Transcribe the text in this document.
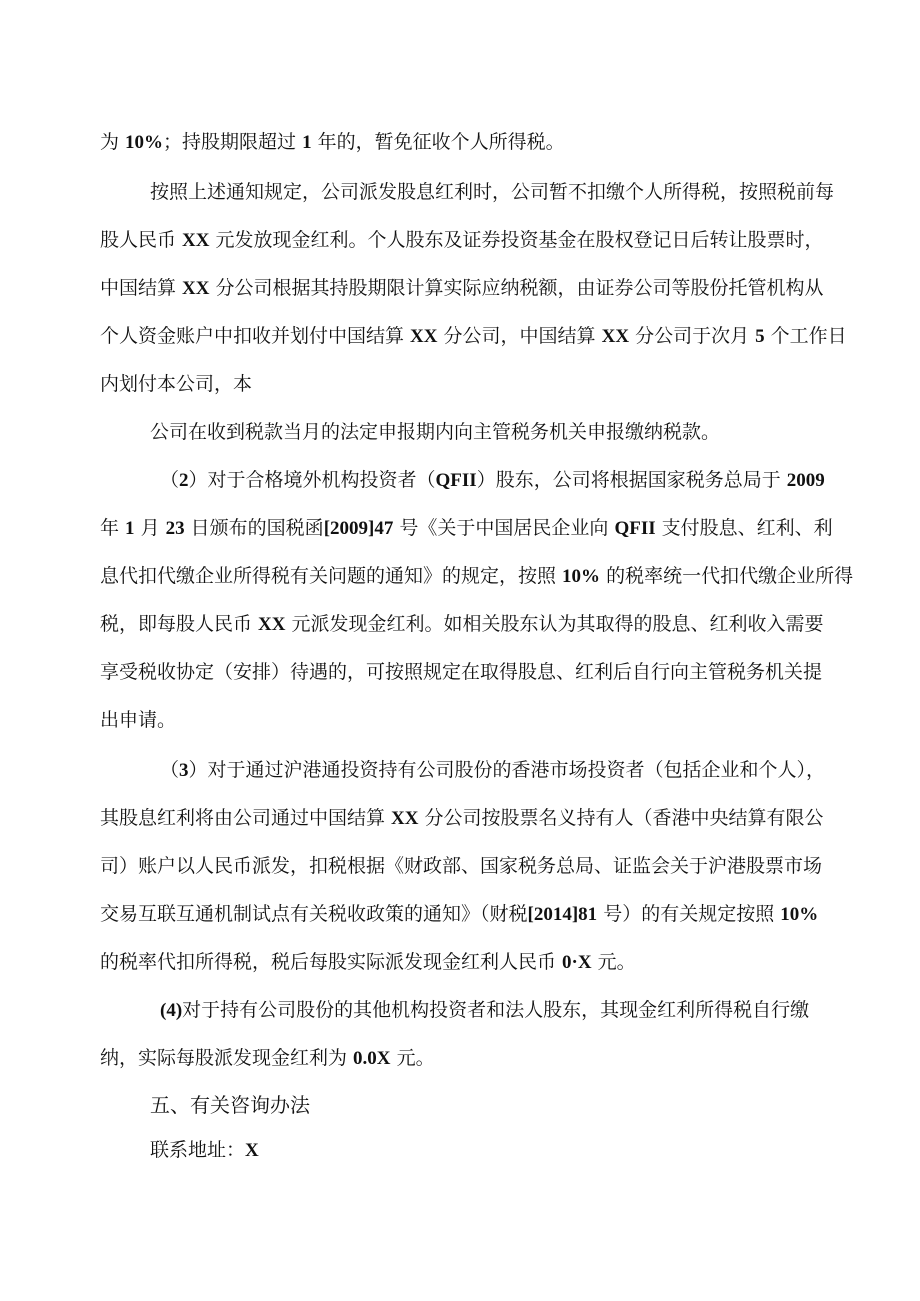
为 10%；持股期限超过 1 年的，暂免征收个人所得税。
按照上述通知规定，公司派发股息红利时，公司暂不扣缴个人所得税，按照税前每
股人民币 XX 元发放现金红利。个人股东及证券投资基金在股权登记日后转让股票时，
中国结算 XX 分公司根据其持股期限计算实际应纳税额，由证券公司等股份托管机构从
个人资金账户中扣收并划付中国结算 XX 分公司，中国结算 XX 分公司于次月 5 个工作日
内划付本公司，本
公司在收到税款当月的法定申报期内向主管税务机关申报缴纳税款。
（2）对于合格境外机构投资者（QFII）股东，公司将根据国家税务总局于 2009
年 1 月 23 日颁布的国税函[2009]47 号《关于中国居民企业向 QFII 支付股息、红利、利
息代扣代缴企业所得税有关问题的通知》的规定，按照 10% 的税率统一代扣代缴企业所得
税，即每股人民币 XX 元派发现金红利。如相关股东认为其取得的股息、红利收入需要
享受税收协定（安排）待遇的，可按照规定在取得股息、红利后自行向主管税务机关提
出申请。
（3）对于通过沪港通投资持有公司股份的香港市场投资者（包括企业和个人），
其股息红利将由公司通过中国结算 XX 分公司按股票名义持有人（香港中央结算有限公
司）账户以人民币派发，扣税根据《财政部、国家税务总局、证监会关于沪港股票市场
交易互联互通机制试点有关税收政策的通知》（财税[2014]81 号）的有关规定按照 10%
的税率代扣所得税，税后每股实际派发现金红利人民币 0·X 元。
(4)对于持有公司股份的其他机构投资者和法人股东，其现金红利所得税自行缴
纳，实际每股派发现金红利为 0.0X 元。
五、有关咨询办法
联系地址：X
